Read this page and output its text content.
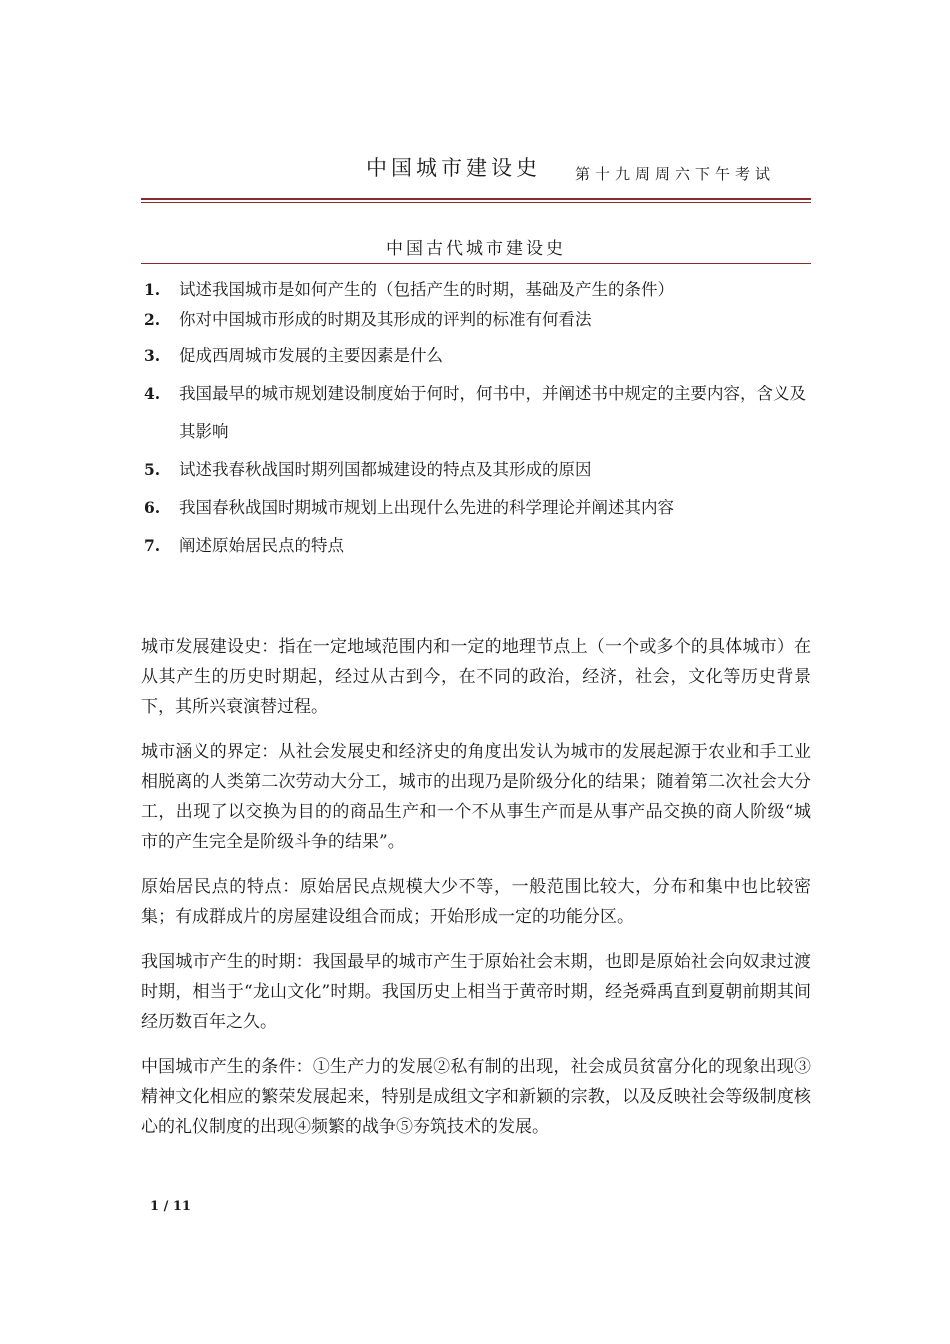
中国城市建设史 第十九周周六下午考试
中国古代城市建设史
1. 试述我国城市是如何产生的（包括产生的时期，基础及产生的条件）
2. 你对中国城市形成的时期及其形成的评判的标准有何看法
3. 促成西周城市发展的主要因素是什么
4. 我国最早的城市规划建设制度始于何时，何书中，并阐述书中规定的主要内容，含义及其影响
5. 试述我春秋战国时期列国都城建设的特点及其形成的原因
6. 我国春秋战国时期城市规划上出现什么先进的科学理论并阐述其内容
7. 阐述原始居民点的特点

城市发展建设史：指在一定地域范围内和一定的地理节点上（一个或多个的具体城市）在从其产生的历史时期起，经过从古到今，在不同的政治，经济，社会，文化等历史背景下，其所兴衰演替过程。

城市涵义的界定：从社会发展史和经济史的角度出发认为城市的发展起源于农业和手工业相脱离的人类第二次劳动大分工，城市的出现乃是阶级分化的结果；随着第二次社会大分工，出现了以交换为目的的商品生产和一个不从事生产而是从事产品交换的商人阶级“城市的产生完全是阶级斗争的结果”。

原始居民点的特点：原始居民点规模大少不等，一般范围比较大，分布和集中也比较密集；有成群成片的房屋建设组合而成；开始形成一定的功能分区。

我国城市产生的时期：我国最早的城市产生于原始社会末期，也即是原始社会向奴隶过渡时期，相当于“龙山文化”时期。我国历史上相当于黄帝时期，经尧舜禹直到夏朝前期其间经历数百年之久。

中国城市产生的条件：①生产力的发展②私有制的出现，社会成员贫富分化的现象出现③精神文化相应的繁荣发展起来，特别是成组文字和新颖的宗教，以及反映社会等级制度核心的礼仪制度的出现④频繁的战争⑤夯筑技术的发展。

1 / 11
